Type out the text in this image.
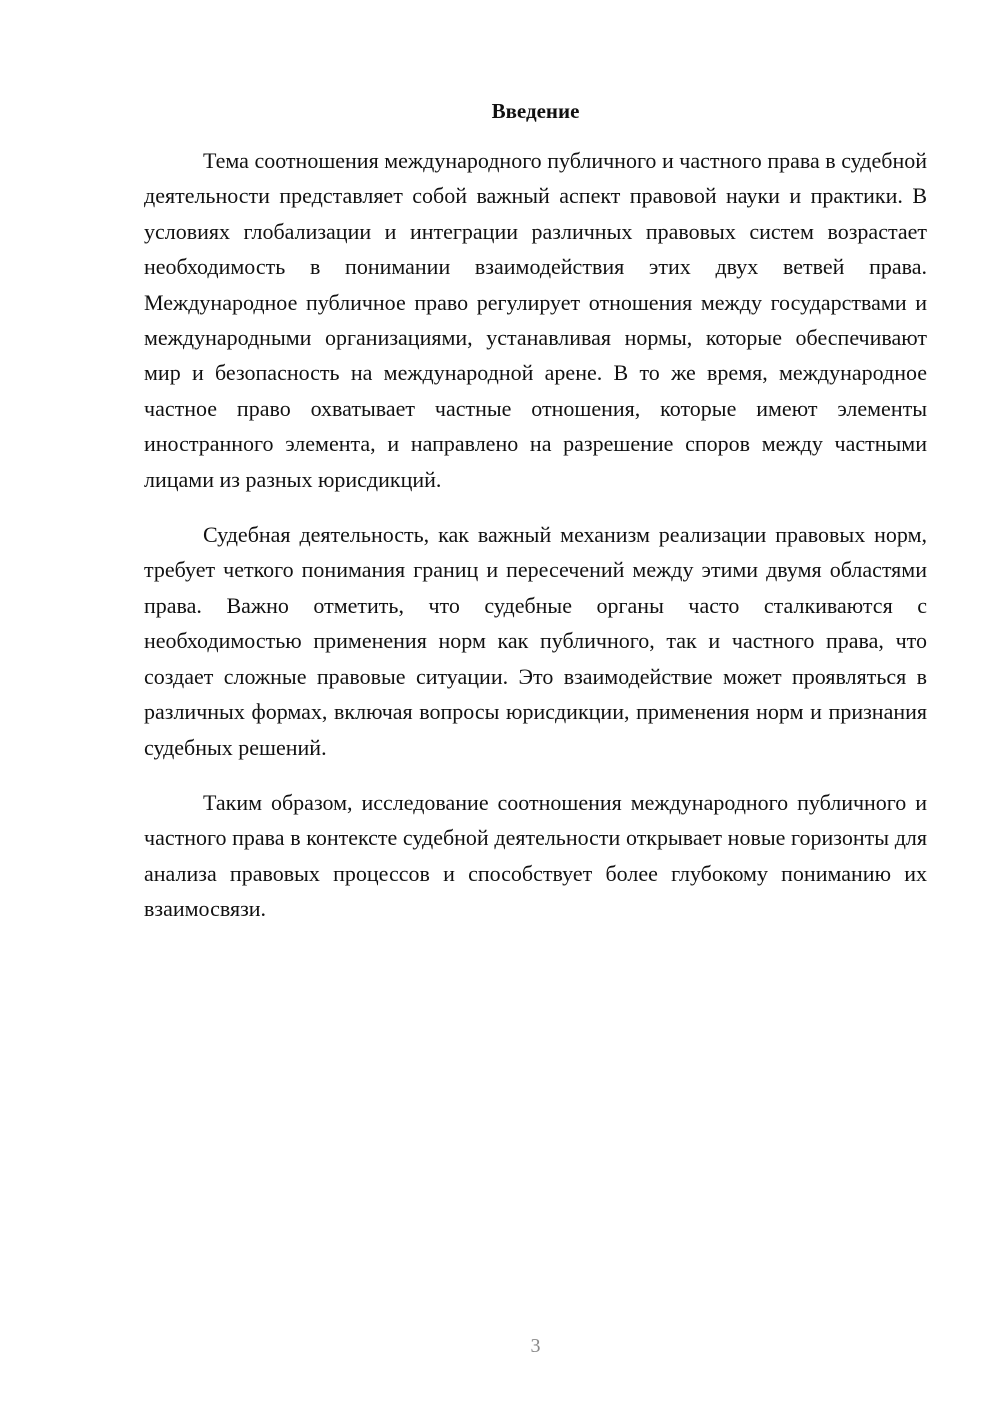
Введение

Тема соотношения международного публичного и частного права в судебной деятельности представляет собой важный аспект правовой науки и практики. В условиях глобализации и интеграции различных правовых систем возрастает необходимость в понимании взаимодействия этих двух ветвей права. Международное публичное право регулирует отношения между государствами и международными организациями, устанавливая нормы, которые обеспечивают мир и безопасность на международной арене. В то же время, международное частное право охватывает частные отношения, которые имеют элементы иностранного элемента, и направлено на разрешение споров между частными лицами из разных юрисдикций.

Судебная деятельность, как важный механизм реализации правовых норм, требует четкого понимания границ и пересечений между этими двумя областями права. Важно отметить, что судебные органы часто сталкиваются с необходимостью применения норм как публичного, так и частного права, что создает сложные правовые ситуации. Это взаимодействие может проявляться в различных формах, включая вопросы юрисдикции, применения норм и признания судебных решений.

Таким образом, исследование соотношения международного публичного и частного права в контексте судебной деятельности открывает новые горизонты для анализа правовых процессов и способствует более глубокому пониманию их взаимосвязи.

3
